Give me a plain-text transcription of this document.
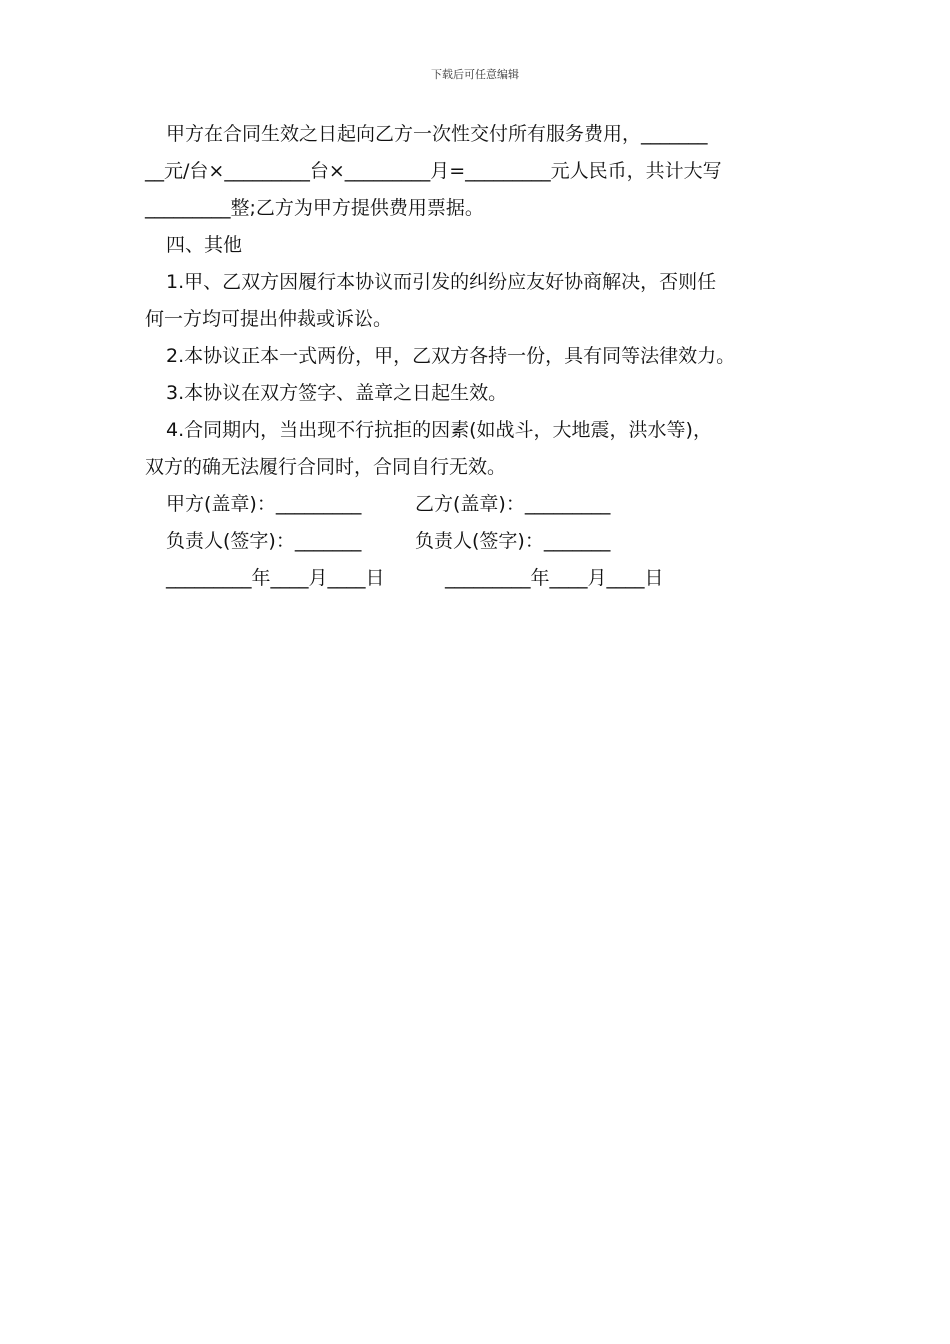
下载后可任意编辑
甲方在合同生效之日起向乙方一次性交付所有服务费用，_______
__元/台×_________台×_________月=_________元人民币，共计大写
_________整;乙方为甲方提供费用票据。
四、其他
1.甲、乙双方因履行本协议而引发的纠纷应友好协商解决，否则任
何一方均可提出仲裁或诉讼。
2.本协议正本一式两份，甲，乙双方各持一份，具有同等法律效力。
3.本协议在双方签字、盖章之日起生效。
4.合同期内，当出现不行抗拒的因素(如战斗，大地震，洪水等)，
双方的确无法履行合同时，合同自行无效。
甲方(盖章)：_________	乙方(盖章)：_________
负责人(签字)：_______	负责人(签字)：_______
_________年____月____日	_________年____月____日
